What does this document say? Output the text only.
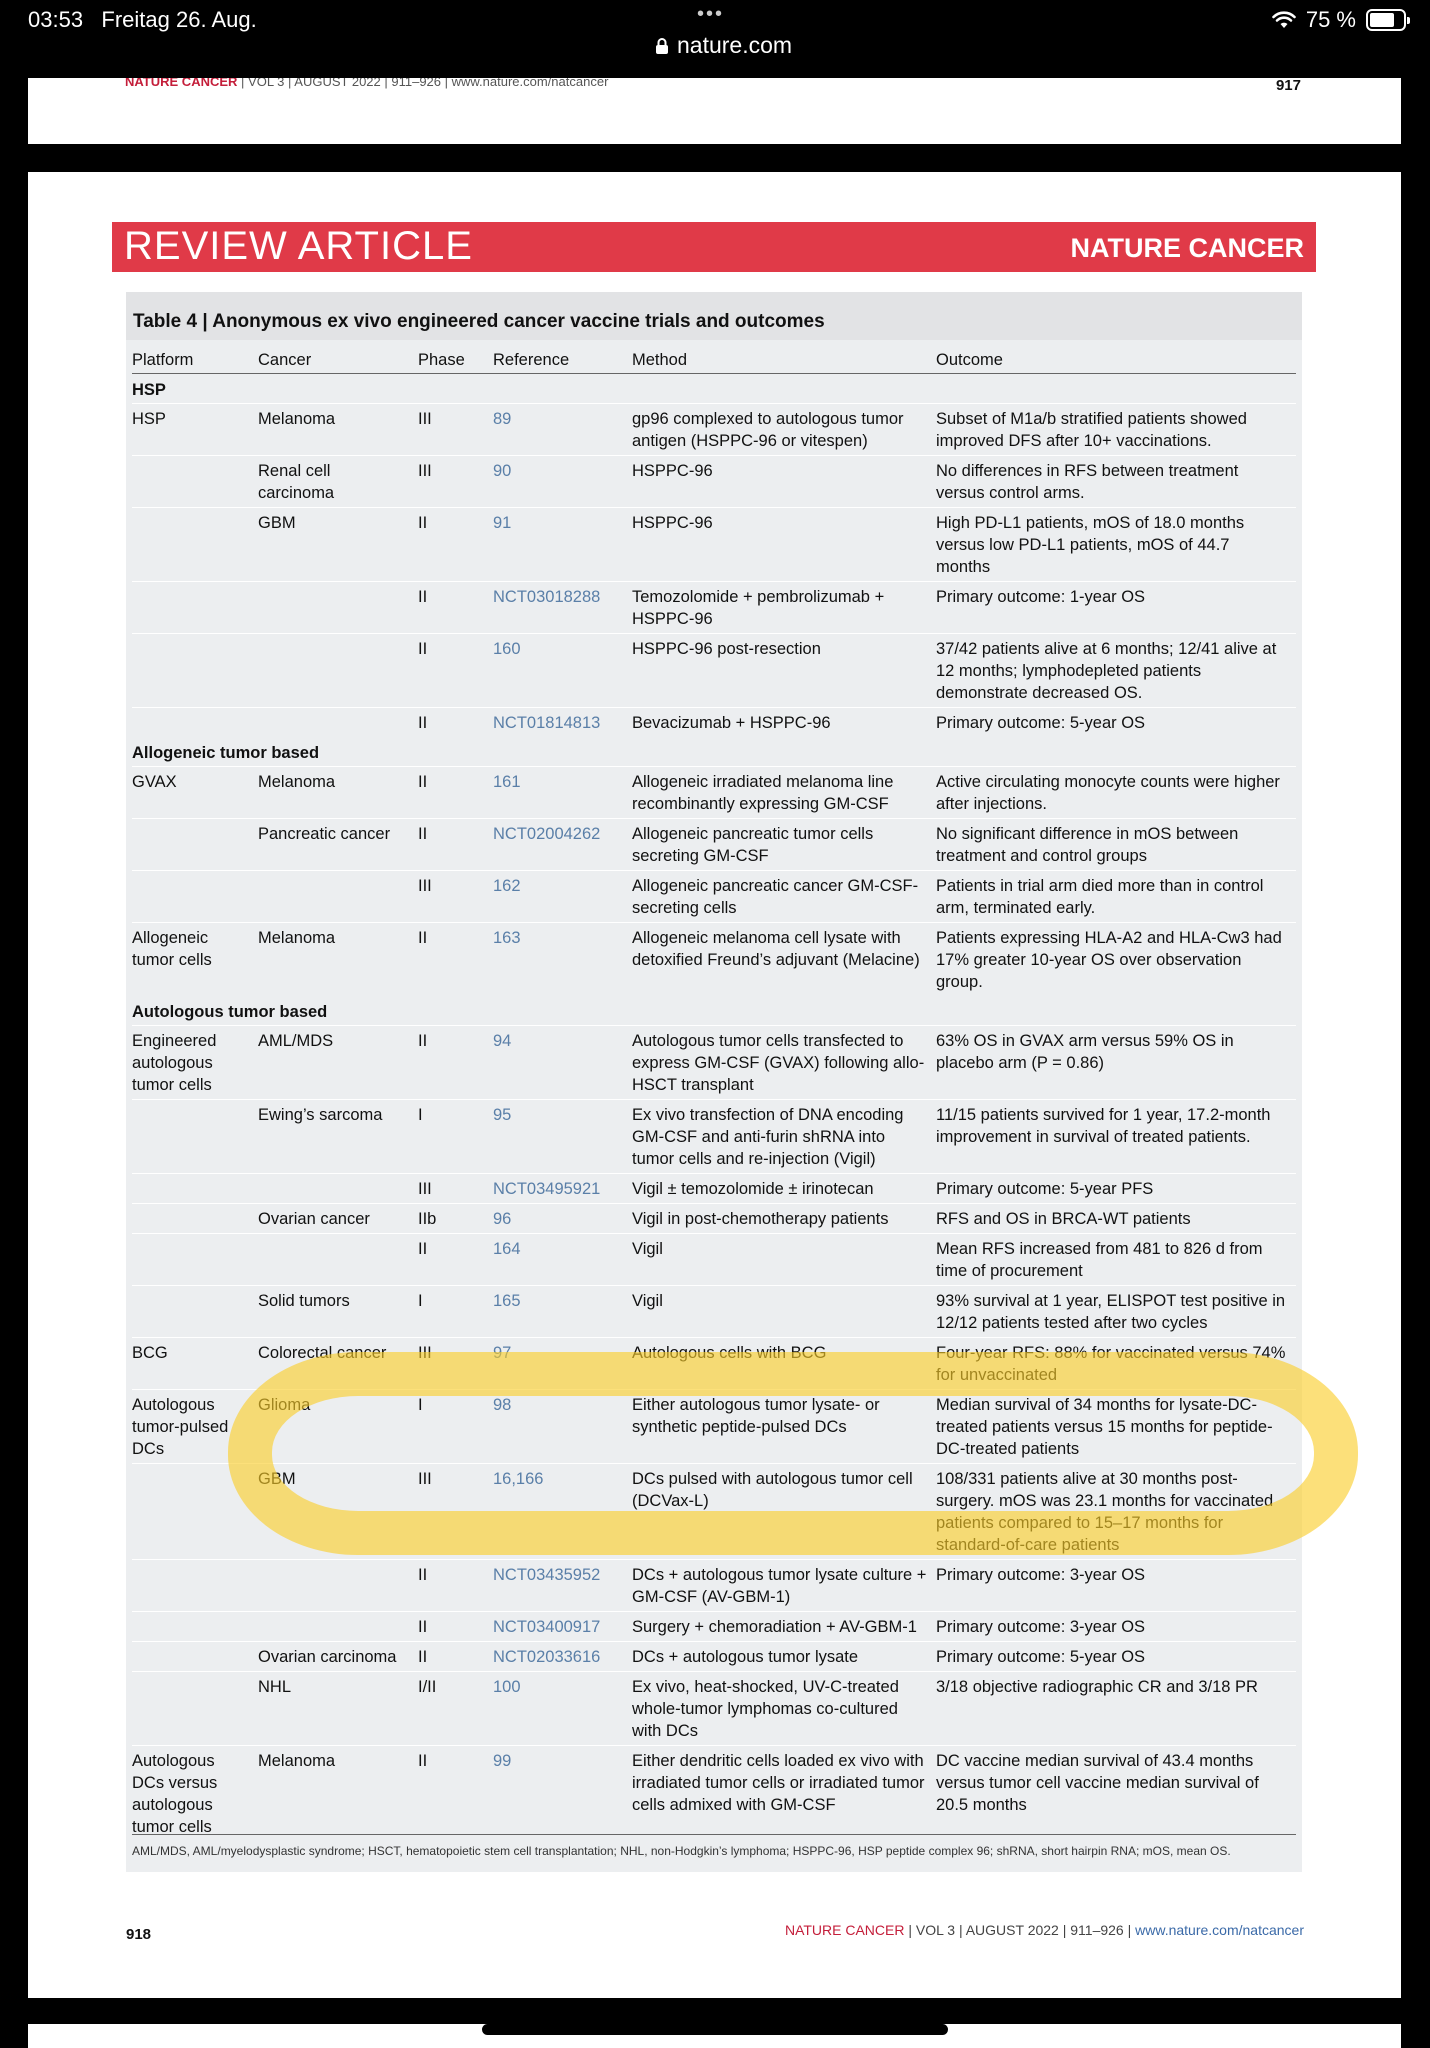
03:53 Freitag 26. Aug.	•••
nature.com
75 %
NATURE CANCER | VOL 3 | AUGUST 2022 | 911–926 | www.nature.com/natcancer	917
REVIEW ARTICLE	NATURE CANCER
Table 4 | Anonymous ex vivo engineered cancer vaccine trials and outcomes
Platform	Cancer	Phase	Reference	Method	Outcome
HSP					
HSP	Melanoma	III	89	gp96 complexed to autologous tumor antigen (HSPPC-96 or vitespen)	Subset of M1a/b stratified patients showed improved DFS after 10+ vaccinations.
	Renal cell carcinoma	III	90	HSPPC-96	No differences in RFS between treatment versus control arms.
	GBM	II	91	HSPPC-96	High PD-L1 patients, mOS of 18.0 months versus low PD-L1 patients, mOS of 44.7 months
		II	NCT03018288	Temozolomide + pembrolizumab + HSPPC-96	Primary outcome: 1-year OS
		II	160	HSPPC-96 post-resection	37/42 patients alive at 6 months; 12/41 alive at 12 months; lymphodepleted patients demonstrate decreased OS.
		II	NCT01814813	Bevacizumab + HSPPC-96	Primary outcome: 5-year OS
Allogeneic tumor based					
GVAX	Melanoma	II	161	Allogeneic irradiated melanoma line recombinantly expressing GM-CSF	Active circulating monocyte counts were higher after injections.
	Pancreatic cancer	II	NCT02004262	Allogeneic pancreatic tumor cells secreting GM-CSF	No significant difference in mOS between treatment and control groups
		III	162	Allogeneic pancreatic cancer GM-CSF-secreting cells	Patients in trial arm died more than in control arm, terminated early.
Allogeneic tumor cells	Melanoma	II	163	Allogeneic melanoma cell lysate with detoxified Freund’s adjuvant (Melacine)	Patients expressing HLA-A2 and HLA-Cw3 had 17% greater 10-year OS over observation group.
Autologous tumor based					
Engineered autologous tumor cells	AML/MDS	II	94	Autologous tumor cells transfected to express GM-CSF (GVAX) following allo-HSCT transplant	63% OS in GVAX arm versus 59% OS in placebo arm (P = 0.86)
	Ewing’s sarcoma	I	95	Ex vivo transfection of DNA encoding GM-CSF and anti-furin shRNA into tumor cells and re-injection (Vigil)	11/15 patients survived for 1 year, 17.2-month improvement in survival of treated patients.
		III	NCT03495921	Vigil ± temozolomide ± irinotecan	Primary outcome: 5-year PFS
	Ovarian cancer	IIb	96	Vigil in post-chemotherapy patients	RFS and OS in BRCA-WT patients
		II	164	Vigil	Mean RFS increased from 481 to 826 d from time of procurement
	Solid tumors	I	165	Vigil	93% survival at 1 year, ELISPOT test positive in 12/12 patients tested after two cycles
BCG	Colorectal cancer	III	97	Autologous cells with BCG	Four-year RFS: 88% for vaccinated versus 74% for unvaccinated
Autologous tumor-pulsed DCs	Glioma	I	98	Either autologous tumor lysate- or synthetic peptide-pulsed DCs	Median survival of 34 months for lysate-DC-treated patients versus 15 months for peptide-DC-treated patients
	GBM	III	16,166	DCs pulsed with autologous tumor cell (DCVax-L)	108/331 patients alive at 30 months post-surgery. mOS was 23.1 months for vaccinated patients compared to 15–17 months for standard-of-care patients
		II	NCT03435952	DCs + autologous tumor lysate culture + GM-CSF (AV-GBM-1)	Primary outcome: 3-year OS
		II	NCT03400917	Surgery + chemoradiation + AV-GBM-1	Primary outcome: 3-year OS
	Ovarian carcinoma	II	NCT02033616	DCs + autologous tumor lysate	Primary outcome: 5-year OS
	NHL	I/II	100	Ex vivo, heat-shocked, UV-C-treated whole-tumor lymphomas co-cultured with DCs	3/18 objective radiographic CR and 3/18 PR
Autologous DCs versus autologous tumor cells	Melanoma	II	99	Either dendritic cells loaded ex vivo with irradiated tumor cells or irradiated tumor cells admixed with GM-CSF	DC vaccine median survival of 43.4 months versus tumor cell vaccine median survival of 20.5 months
AML/MDS, AML/myelodysplastic syndrome; HSCT, hematopoietic stem cell transplantation; NHL, non-Hodgkin’s lymphoma; HSPPC-96, HSP peptide complex 96; shRNA, short hairpin RNA; mOS, mean OS.
918	NATURE CANCER | VOL 3 | AUGUST 2022 | 911–926 | www.nature.com/natcancer
